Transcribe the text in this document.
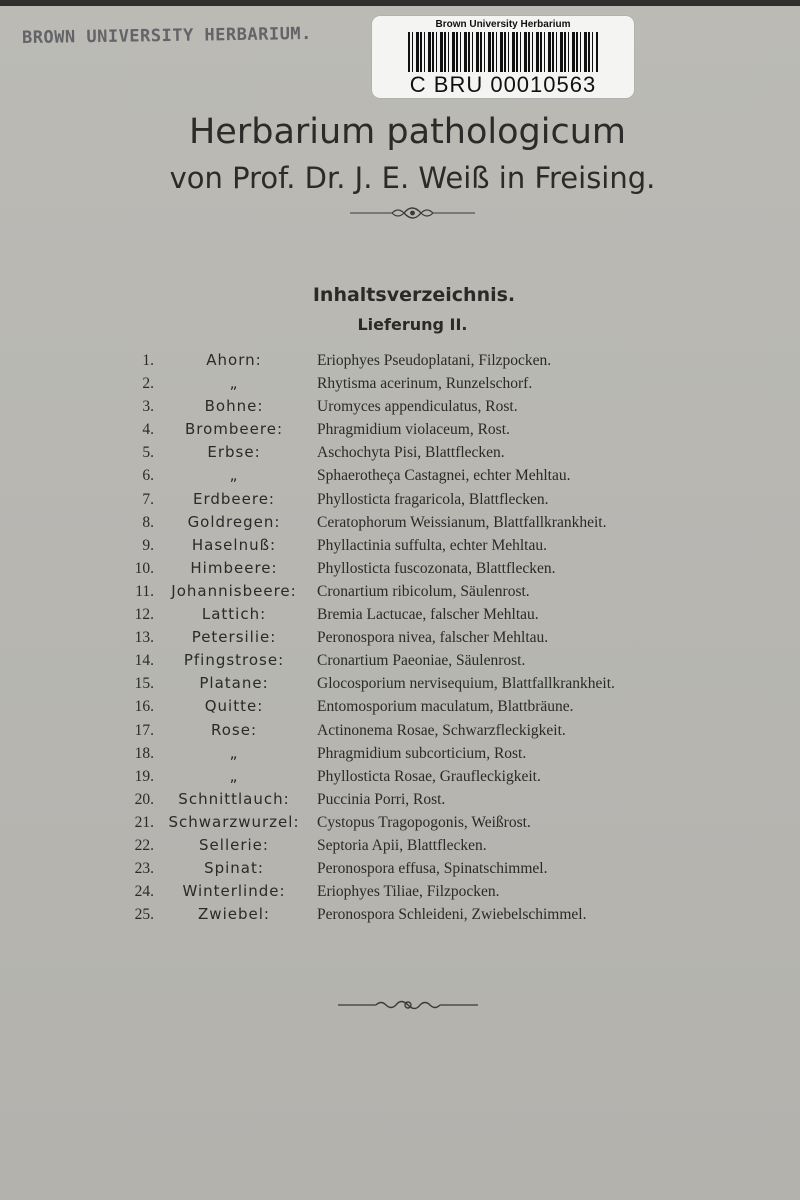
BROWN UNIVERSITY HERBARIUM.	Brown University Herbarium
C BRU 00010563
Herbarium pathologicum
von Prof. Dr. J. E. Weiß in Freising.
Inhaltsverzeichnis.
Lieferung II.
1.	Ahorn:	Eriophyes Pseudoplatani, Filzpocken.
2.	„	Rhytisma acerinum, Runzelschorf.
3.	Bohne:	Uromyces appendiculatus, Rost.
4.	Brombeere:	Phragmidium violaceum, Rost.
5.	Erbse:	Aschochyta Pisi, Blattflecken.
6.	„	Sphaerotheça Castagnei, echter Mehltau.
7.	Erdbeere:	Phyllosticta fragaricola, Blattflecken.
8.	Goldregen:	Ceratophorum Weissianum, Blattfallkrankheit.
9.	Haselnuß:	Phyllactinia suffulta, echter Mehltau.
10.	Himbeere:	Phyllosticta fuscozonata, Blattflecken.
11.	Johannisbeere:	Cronartium ribicolum, Säulenrost.
12.	Lattich:	Bremia Lactucae, falscher Mehltau.
13.	Petersilie:	Peronospora nivea, falscher Mehltau.
14.	Pfingstrose:	Cronartium Paeoniae, Säulenrost.
15.	Platane:	Glocosporium nervisequium, Blattfallkrankheit.
16.	Quitte:	Entomosporium maculatum, Blattbräune.
17.	Rose:	Actinonema Rosae, Schwarzfleckigkeit.
18.	„	Phragmidium subcorticium, Rost.
19.	„	Phyllosticta Rosae, Graufleckigkeit.
20.	Schnittlauch:	Puccinia Porri, Rost.
21. Schwarzwurzel:	Cystopus Tragopogonis, Weißrost.
22.	Sellerie:	Septoria Apii, Blattflecken.
23.	Spinat:	Peronospora effusa, Spinatschimmel.
24.	Winterlinde:	Eriophyes Tiliae, Filzpocken.
25.	Zwiebel:	Peronospora Schleideni, Zwiebelschimmel.
